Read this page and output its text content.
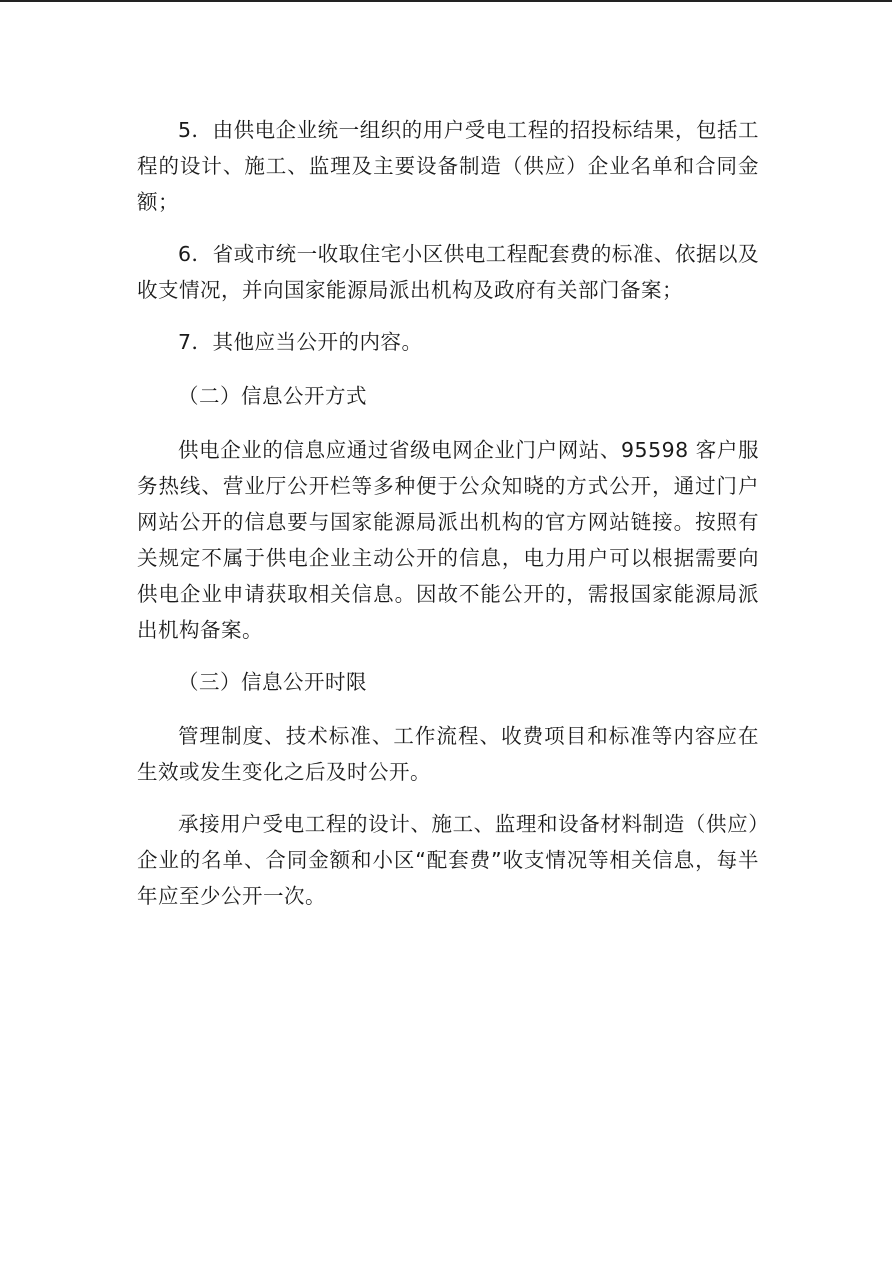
5．由供电企业统一组织的用户受电工程的招投标结果，包括工程的设计、施工、监理及主要设备制造（供应）企业名单和合同金额；

6．省或市统一收取住宅小区供电工程配套费的标准、依据以及收支情况，并向国家能源局派出机构及政府有关部门备案；

7．其他应当公开的内容。

（二）信息公开方式

供电企业的信息应通过省级电网企业门户网站、95598 客户服务热线、营业厅公开栏等多种便于公众知晓的方式公开，通过门户网站公开的信息要与国家能源局派出机构的官方网站链接。按照有关规定不属于供电企业主动公开的信息，电力用户可以根据需要向供电企业申请获取相关信息。因故不能公开的，需报国家能源局派出机构备案。

（三）信息公开时限

管理制度、技术标准、工作流程、收费项目和标准等内容应在生效或发生变化之后及时公开。

承接用户受电工程的设计、施工、监理和设备材料制造（供应）企业的名单、合同金额和小区“配套费”收支情况等相关信息，每半年应至少公开一次。
